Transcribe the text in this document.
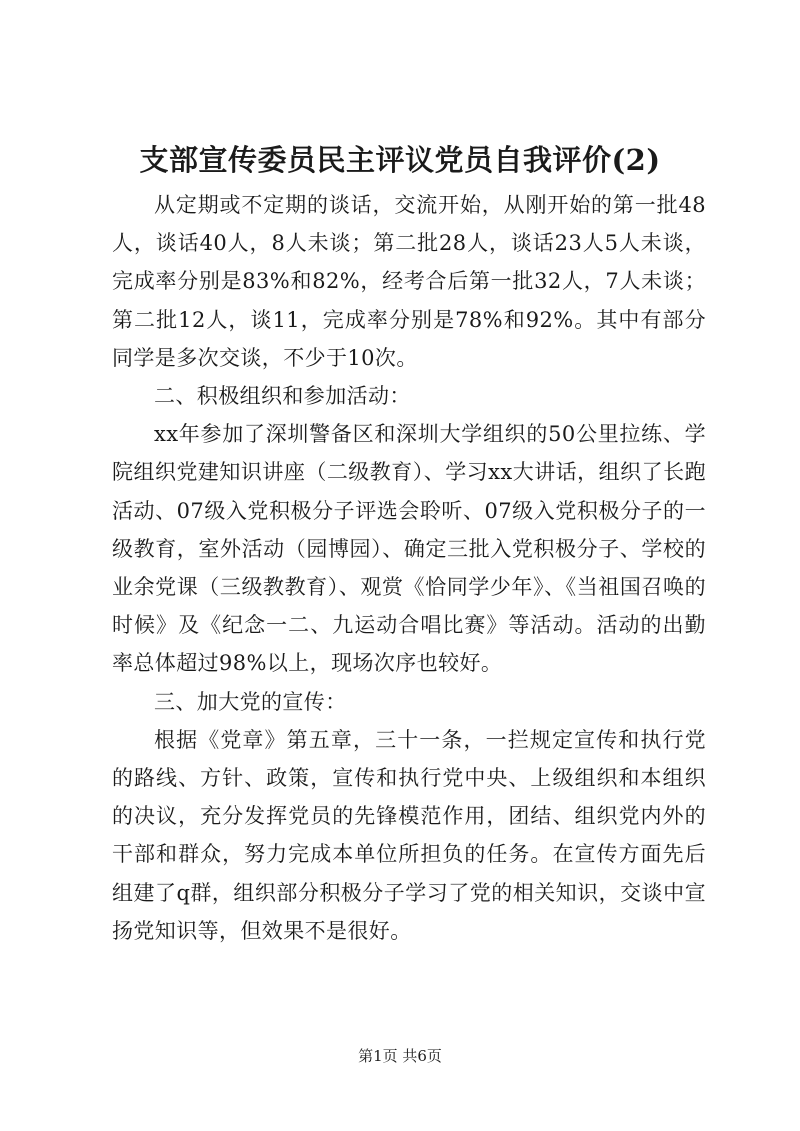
支部宣传委员民主评议党员自我评价(2)

从定期或不定期的谈话，交流开始，从刚开始的第一批48人，谈话40人，8人未谈；第二批28人，谈话23人5人未谈，完成率分别是83%和82%，经考合后第一批32人，7人未谈；第二批12人，谈11，完成率分别是78%和92%。其中有部分同学是多次交谈，不少于10次。

二、积极组织和参加活动：

xx年参加了深圳警备区和深圳大学组织的50公里拉练、学院组织党建知识讲座（二级教育）、学习xx大讲话，组织了长跑活动、07级入党积极分子评选会聆听、07级入党积极分子的一级教育，室外活动（园博园）、确定三批入党积极分子、学校的业余党课（三级教教育）、观赏《恰同学少年》、《当祖国召唤的时候》及《纪念一二、九运动合唱比赛》等活动。活动的出勤率总体超过98%以上，现场次序也较好。

三、加大党的宣传：

根据《党章》第五章，三十一条，一拦规定宣传和执行党的路线、方针、政策，宣传和执行党中央、上级组织和本组织的决议，充分发挥党员的先锋模范作用，团结、组织党内外的干部和群众，努力完成本单位所担负的任务。在宣传方面先后组建了q群，组织部分积极分子学习了党的相关知识，交谈中宣扬党知识等，但效果不是很好。

第1页 共6页
